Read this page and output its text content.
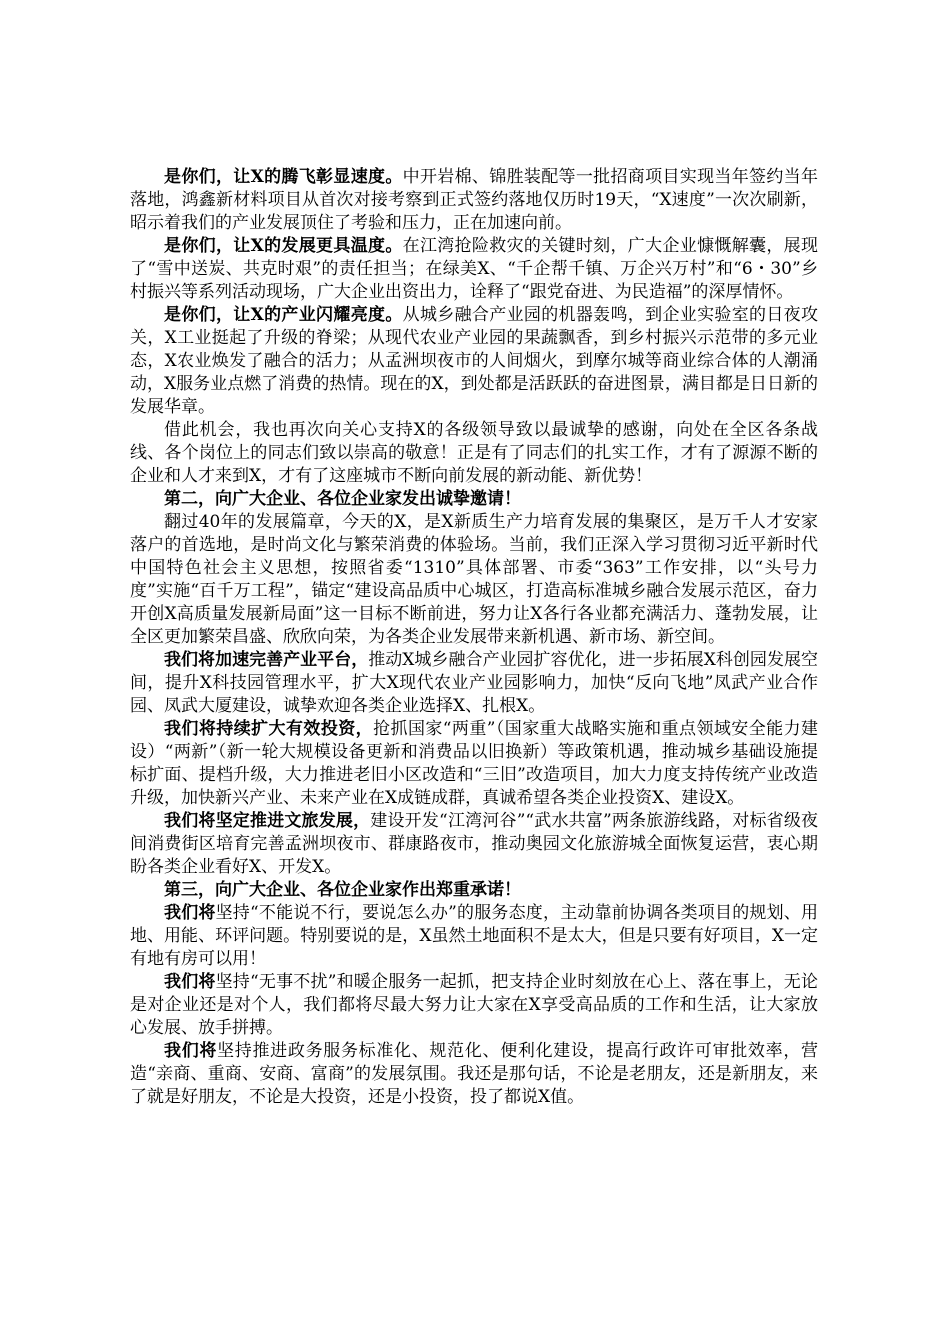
是你们，让X的腾飞彰显速度。中开岩棉、锦胜装配等一批招商项目实现当年签约当年落地，鸿鑫新材料项目从首次对接考察到正式签约落地仅历时19天，“X速度”一次次刷新，昭示着我们的产业发展顶住了考验和压力，正在加速向前。

是你们，让X的发展更具温度。在江湾抢险救灾的关键时刻，广大企业慷慨解囊，展现了“雪中送炭、共克时艰”的责任担当；在绿美X、“千企帮千镇、万企兴万村”和“6・30”乡村振兴等系列活动现场，广大企业出资出力，诠释了“跟党奋进、为民造福”的深厚情怀。

是你们，让X的产业闪耀亮度。从城乡融合产业园的机器轰鸣，到企业实验室的日夜攻关，X工业挺起了升级的脊梁；从现代农业产业园的果蔬飘香，到乡村振兴示范带的多元业态，X农业焕发了融合的活力；从孟洲坝夜市的人间烟火，到摩尔城等商业综合体的人潮涌动，X服务业点燃了消费的热情。现在的X，到处都是活跃跃的奋进图景，满目都是日日新的发展华章。

借此机会，我也再次向关心支持X的各级领导致以最诚挚的感谢，向处在全区各条战线、各个岗位上的同志们致以崇高的敬意！正是有了同志们的扎实工作，才有了源源不断的企业和人才来到X，才有了这座城市不断向前发展的新动能、新优势！

第二，向广大企业、各位企业家发出诚挚邀请！

翻过40年的发展篇章，今天的X，是X新质生产力培育发展的集聚区，是万千人才安家落户的首选地，是时尚文化与繁荣消费的体验场。当前，我们正深入学习贯彻习近平新时代中国特色社会主义思想，按照省委“1310”具体部署、市委“363”工作安排，以“头号力度”实施“百千万工程”，锚定“建设高品质中心城区，打造高标准城乡融合发展示范区，奋力开创X高质量发展新局面”这一目标不断前进，努力让X各行各业都充满活力、蓬勃发展，让全区更加繁荣昌盛、欣欣向荣，为各类企业发展带来新机遇、新市场、新空间。

我们将加速完善产业平台，推动X城乡融合产业园扩容优化，进一步拓展X科创园发展空间，提升X科技园管理水平，扩大X现代农业产业园影响力，加快“反向飞地”凤武产业合作园、凤武大厦建设，诚挚欢迎各类企业选择X、扎根X。

我们将持续扩大有效投资，抢抓国家“两重”（国家重大战略实施和重点领域安全能力建设）“两新”（新一轮大规模设备更新和消费品以旧换新）等政策机遇，推动城乡基础设施提标扩面、提档升级，大力推进老旧小区改造和“三旧”改造项目，加大力度支持传统产业改造升级，加快新兴产业、未来产业在X成链成群，真诚希望各类企业投资X、建设X。

我们将坚定推进文旅发展，建设开发“江湾河谷”“武水共富”两条旅游线路，对标省级夜间消费街区培育完善孟洲坝夜市、群康路夜市，推动奥园文化旅游城全面恢复运营，衷心期盼各类企业看好X、开发X。

第三，向广大企业、各位企业家作出郑重承诺！

我们将坚持“不能说不行，要说怎么办”的服务态度，主动靠前协调各类项目的规划、用地、用能、环评问题。特别要说的是，X虽然土地面积不是太大，但是只要有好项目，X一定有地有房可以用！

我们将坚持“无事不扰”和暖企服务一起抓，把支持企业时刻放在心上、落在事上，无论是对企业还是对个人，我们都将尽最大努力让大家在X享受高品质的工作和生活，让大家放心发展、放手拼搏。

我们将坚持推进政务服务标准化、规范化、便利化建设，提高行政许可审批效率，营造“亲商、重商、安商、富商”的发展氛围。我还是那句话，不论是老朋友，还是新朋友，来了就是好朋友，不论是大投资，还是小投资，投了都说X值。
